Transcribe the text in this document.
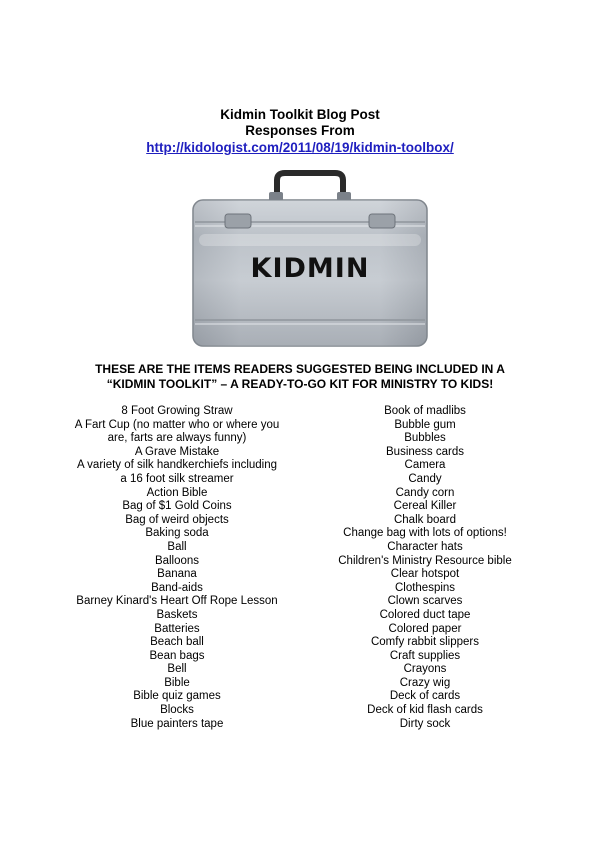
Kidmin Toolkit Blog Post
Responses From
http://kidologist.com/2011/08/19/kidmin-toolbox/
KIDMIN
THESE ARE THE ITEMS READERS SUGGESTED BEING INCLUDED IN A
“KIDMIN TOOLKIT” – A READY-TO-GO KIT FOR MINISTRY TO KIDS!
8 Foot Growing Straw
A Fart Cup (no matter who or where you
are, farts are always funny)
A Grave Mistake
A variety of silk handkerchiefs including
a 16 foot silk streamer
Action Bible
Bag of $1 Gold Coins
Bag of weird objects
Baking soda
Ball
Balloons
Banana
Band-aids
Barney Kinard's Heart Off Rope Lesson
Baskets
Batteries
Beach ball
Bean bags
Bell
Bible
Bible quiz games
Blocks
Blue painters tape
Book of madlibs
Bubble gum
Bubbles
Business cards
Camera
Candy
Candy corn
Cereal Killer
Chalk board
Change bag with lots of options!
Character hats
Children's Ministry Resource bible
Clear hotspot
Clothespins
Clown scarves
Colored duct tape
Colored paper
Comfy rabbit slippers
Craft supplies
Crayons
Crazy wig
Deck of cards
Deck of kid flash cards
Dirty sock
